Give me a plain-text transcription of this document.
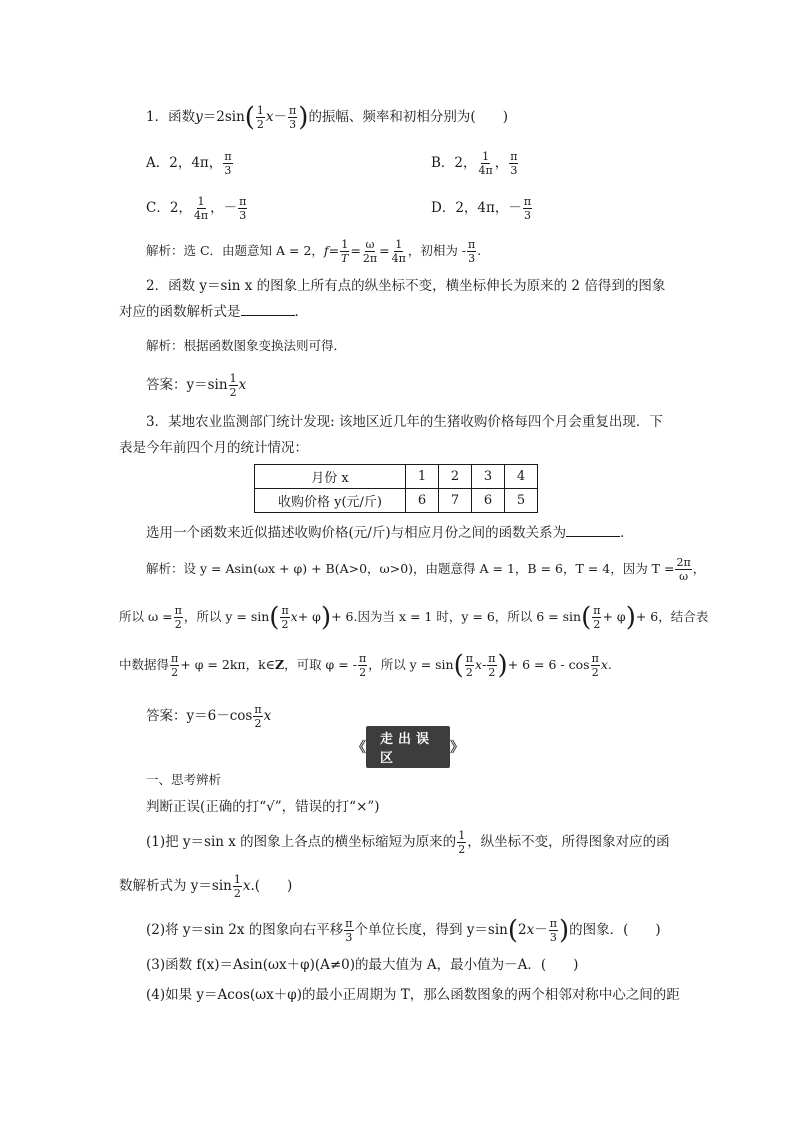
1．函数$y=2\sin( \frac{1}{2} x- \frac{\pi}{3}$ )的振幅、频率和初相分别为(　　)
A．2，4π， $\frac{\pi}{3}$	B．2， $\frac{1}{4\pi}$ ， $\frac{\pi}{3}$
C．2， $\frac{1}{4\pi}$ ，－ $\frac{\pi}{3}$	D．2，4π，－ $\frac{\pi}{3}$
解析：选 C．由题意知 A = 2，$f= \frac{1}{T} = \frac{\omega}{2\pi} = \frac{1}{4\pi}$ ，初相为 - $\frac{\pi}{3}$ .
2．函数 y＝sin x 的图象上所有点的纵坐标不变，横坐标伸长为原来的 2 倍得到的图象
对应的函数解析式是	．
解析：根据函数图象变换法则可得．
答案：$y=\sin \frac{1}{2}$ x
3．某地农业监测部门统计发现: 该地区近几年的生猪收购价格每四个月会重复出现．下
表是今年前四个月的统计情况：
月份 x	1	2	3	4
收购价格 y(元/斤)	6	7	6	5
选用一个函数来近似描述收购价格(元/斤)与相应月份之间的函数关系为	．
解析：设 y = Asin(ωx + φ) + B(A>0，ω>0)，由题意得 A = 1，B = 6，T = 4，因为 $T = \frac{2\pi}{\omega}$ ，
所以 $\omega = \frac{\pi}{2}$ ，所以 $y = \sin( \frac{\pi}{2} x+ \varphi)+ 6$.因为当 x = 1 时，y = 6，所以 $6 = \sin( \frac{\pi}{2} + \varphi)+ 6$，结合表
中数据得 $\frac{\pi}{2} + \varphi = 2k\pi$，k∈Z，可取 φ = - $\frac{\pi}{2}$ ，所以 $y = \sin( \frac{\pi}{2} x- \frac{\pi}{2}$ )+ $6 = 6 - \cos \frac{\pi}{2} x$.
答案：$y=6-\cos \frac{\pi}{2}$ x
《
走出误区
》
一、思考辨析
判断正误(正确的打“√”，错误的打“×”)
(1)把 y＝sin x 的图象上各点的横坐标缩短为原来的 $\frac{1}{2}$ ，纵坐标不变，所得图象对应的函
数解析式为 $y=\sin \frac{1}{2} x$.(　　)
(2)将 y＝sin 2x 的图象向右平移 $\frac{\pi}{3}$ 个单位长度，得到 $y=\sin(2x- \frac{\pi}{3}$ )的图象．(　　)
(3)函数 f(x)＝Asin(ωx＋φ)(A≠0)的最大值为 A，最小值为－A．(　　)
(4)如果 y＝Acos(ωx＋φ)的最小正周期为 T，那么函数图象的两个相邻对称中心之间的距
